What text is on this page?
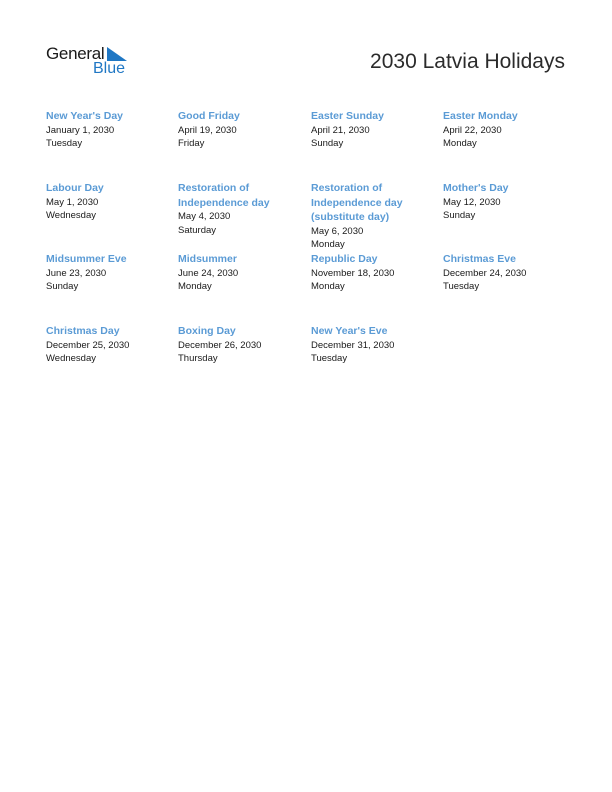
General
Blue	2030 Latvia Holidays
New Year's Day
January 1, 2030
Tuesday
Good Friday
April 19, 2030
Friday
Easter Sunday
April 21, 2030
Sunday
Easter Monday
April 22, 2030
Monday
Labour Day
May 1, 2030
Wednesday
Restoration of Independence day
May 4, 2030
Saturday
Restoration of Independence day (substitute day)
May 6, 2030
Monday
Mother's Day
May 12, 2030
Sunday
Midsummer Eve
June 23, 2030
Sunday
Midsummer
June 24, 2030
Monday
Republic Day
November 18, 2030
Monday
Christmas Eve
December 24, 2030
Tuesday
Christmas Day
December 25, 2030
Wednesday
Boxing Day
December 26, 2030
Thursday
New Year's Eve
December 31, 2030
Tuesday
